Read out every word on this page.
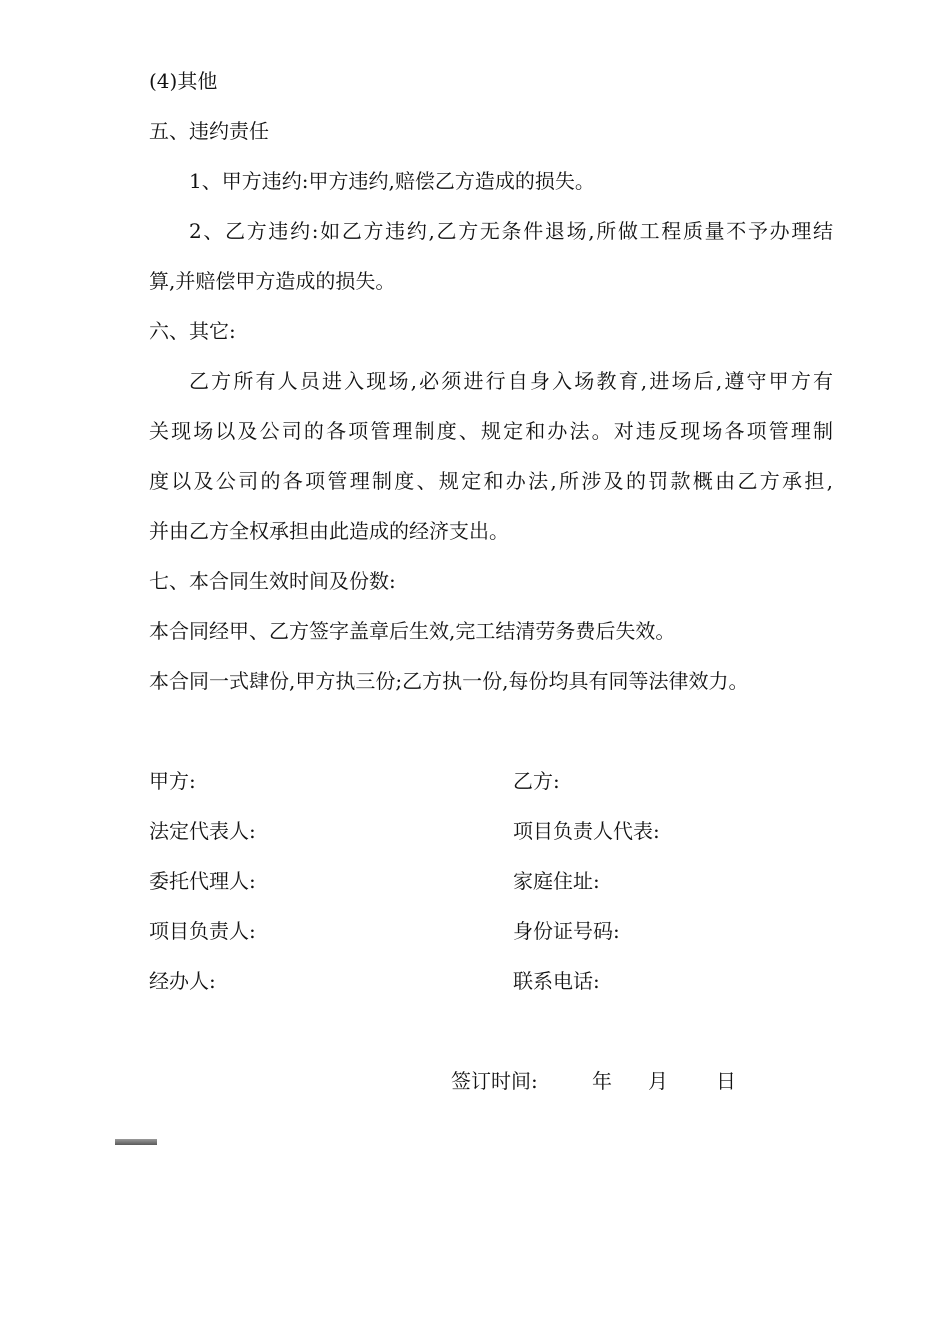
(4)其他
五、违约责任
1、甲方违约:甲方违约,赔偿乙方造成的损失。
2、乙方违约:如乙方违约,乙方无条件退场,所做工程质量不予办理结
算,并赔偿甲方造成的损失。
六、其它:
乙方所有人员进入现场,必须进行自身入场教育,进场后,遵守甲方有
关现场以及公司的各项管理制度、规定和办法。对违反现场各项管理制
度以及公司的各项管理制度、规定和办法,所涉及的罚款概由乙方承担,
并由乙方全权承担由此造成的经济支出。
七、本合同生效时间及份数:
本合同经甲、乙方签字盖章后生效,完工结清劳务费后失效。
本合同一式肆份,甲方执三份;乙方执一份,每份均具有同等法律效力。
甲方:
法定代表人:
委托代理人:
项目负责人:
经办人:
乙方:
项目负责人代表:
家庭住址:
身份证号码:
联系电话:
签订时间:	年 月 日
